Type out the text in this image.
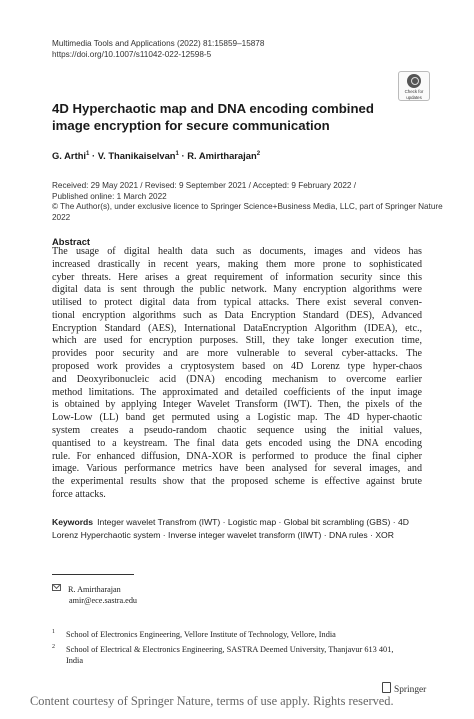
Multimedia Tools and Applications (2022) 81:15859–15878
https://doi.org/10.1007/s11042-022-12598-5
Check for
updates
4D Hyperchaotic map and DNA encoding combined
image encryption for secure communication
G. Arthi$^1$ · V. Thanikaiselvan$^1$ · R. Amirtharajan$^2$
Received: 29 May 2021 / Revised: 9 September 2021 / Accepted: 9 February 2022 /
Published online: 1 March 2022
© The Author(s), under exclusive licence to Springer Science+Business Media, LLC, part of Springer Nature 2022
Abstract
The usage of digital health data such as documents, images and videos has
increased drastically in recent years, making them more prone to sophisticated
cyber threats. Here arises a great requirement of information security since this
digital data is sent through the public network. Many encryption algorithms were
utilised to protect digital data from typical attacks. There exist several conven-
tional encryption algorithms such as Data Encryption Standard (DES), Advanced
Encryption Standard (AES), International DataEncryption Algorithm (IDEA), etc.,
which are used for encryption purposes. Still, they take longer execution time,
provides poor security and are more vulnerable to several cyber-attacks. The
proposed work provides a cryptosystem based on 4D Lorenz type hyper-chaos
and Deoxyribonucleic acid (DNA) encoding mechanism to overcome earlier
method limitations. The approximated and detailed coefficients of the input image
is obtained by applying Integer Wavelet Transform (IWT). Then, the pixels of the
Low-Low (LL) band get permuted using a Logistic map. The 4D hyper-chaotic
system creates a pseudo-random chaotic sequence using the initial values,
quantised to a keystream. The final data gets encoded using the DNA encoding
rule. For enhanced diffusion, DNA-XOR is performed to produce the final cipher
image. Various performance metrics have been analysed for several images, and
the experimental results show that the proposed scheme is effective against brute
force attacks.
Keywords Integer wavelet Transfrom (IWT) · Logistic map · Global bit scrambling (GBS) · 4D
Lorenz Hyperchaotic system · Inverse integer wavelet transform (IIWT) · DNA rules · XOR
R. Amirtharajan
amir@ece.sastra.edu
1 School of Electronics Engineering, Vellore Institute of Technology, Vellore, India
2 School of Electrical & Electronics Engineering, SASTRA Deemed University, Thanjavur 613 401,
India
Springer
Content courtesy of Springer Nature, terms of use apply. Rights reserved.
